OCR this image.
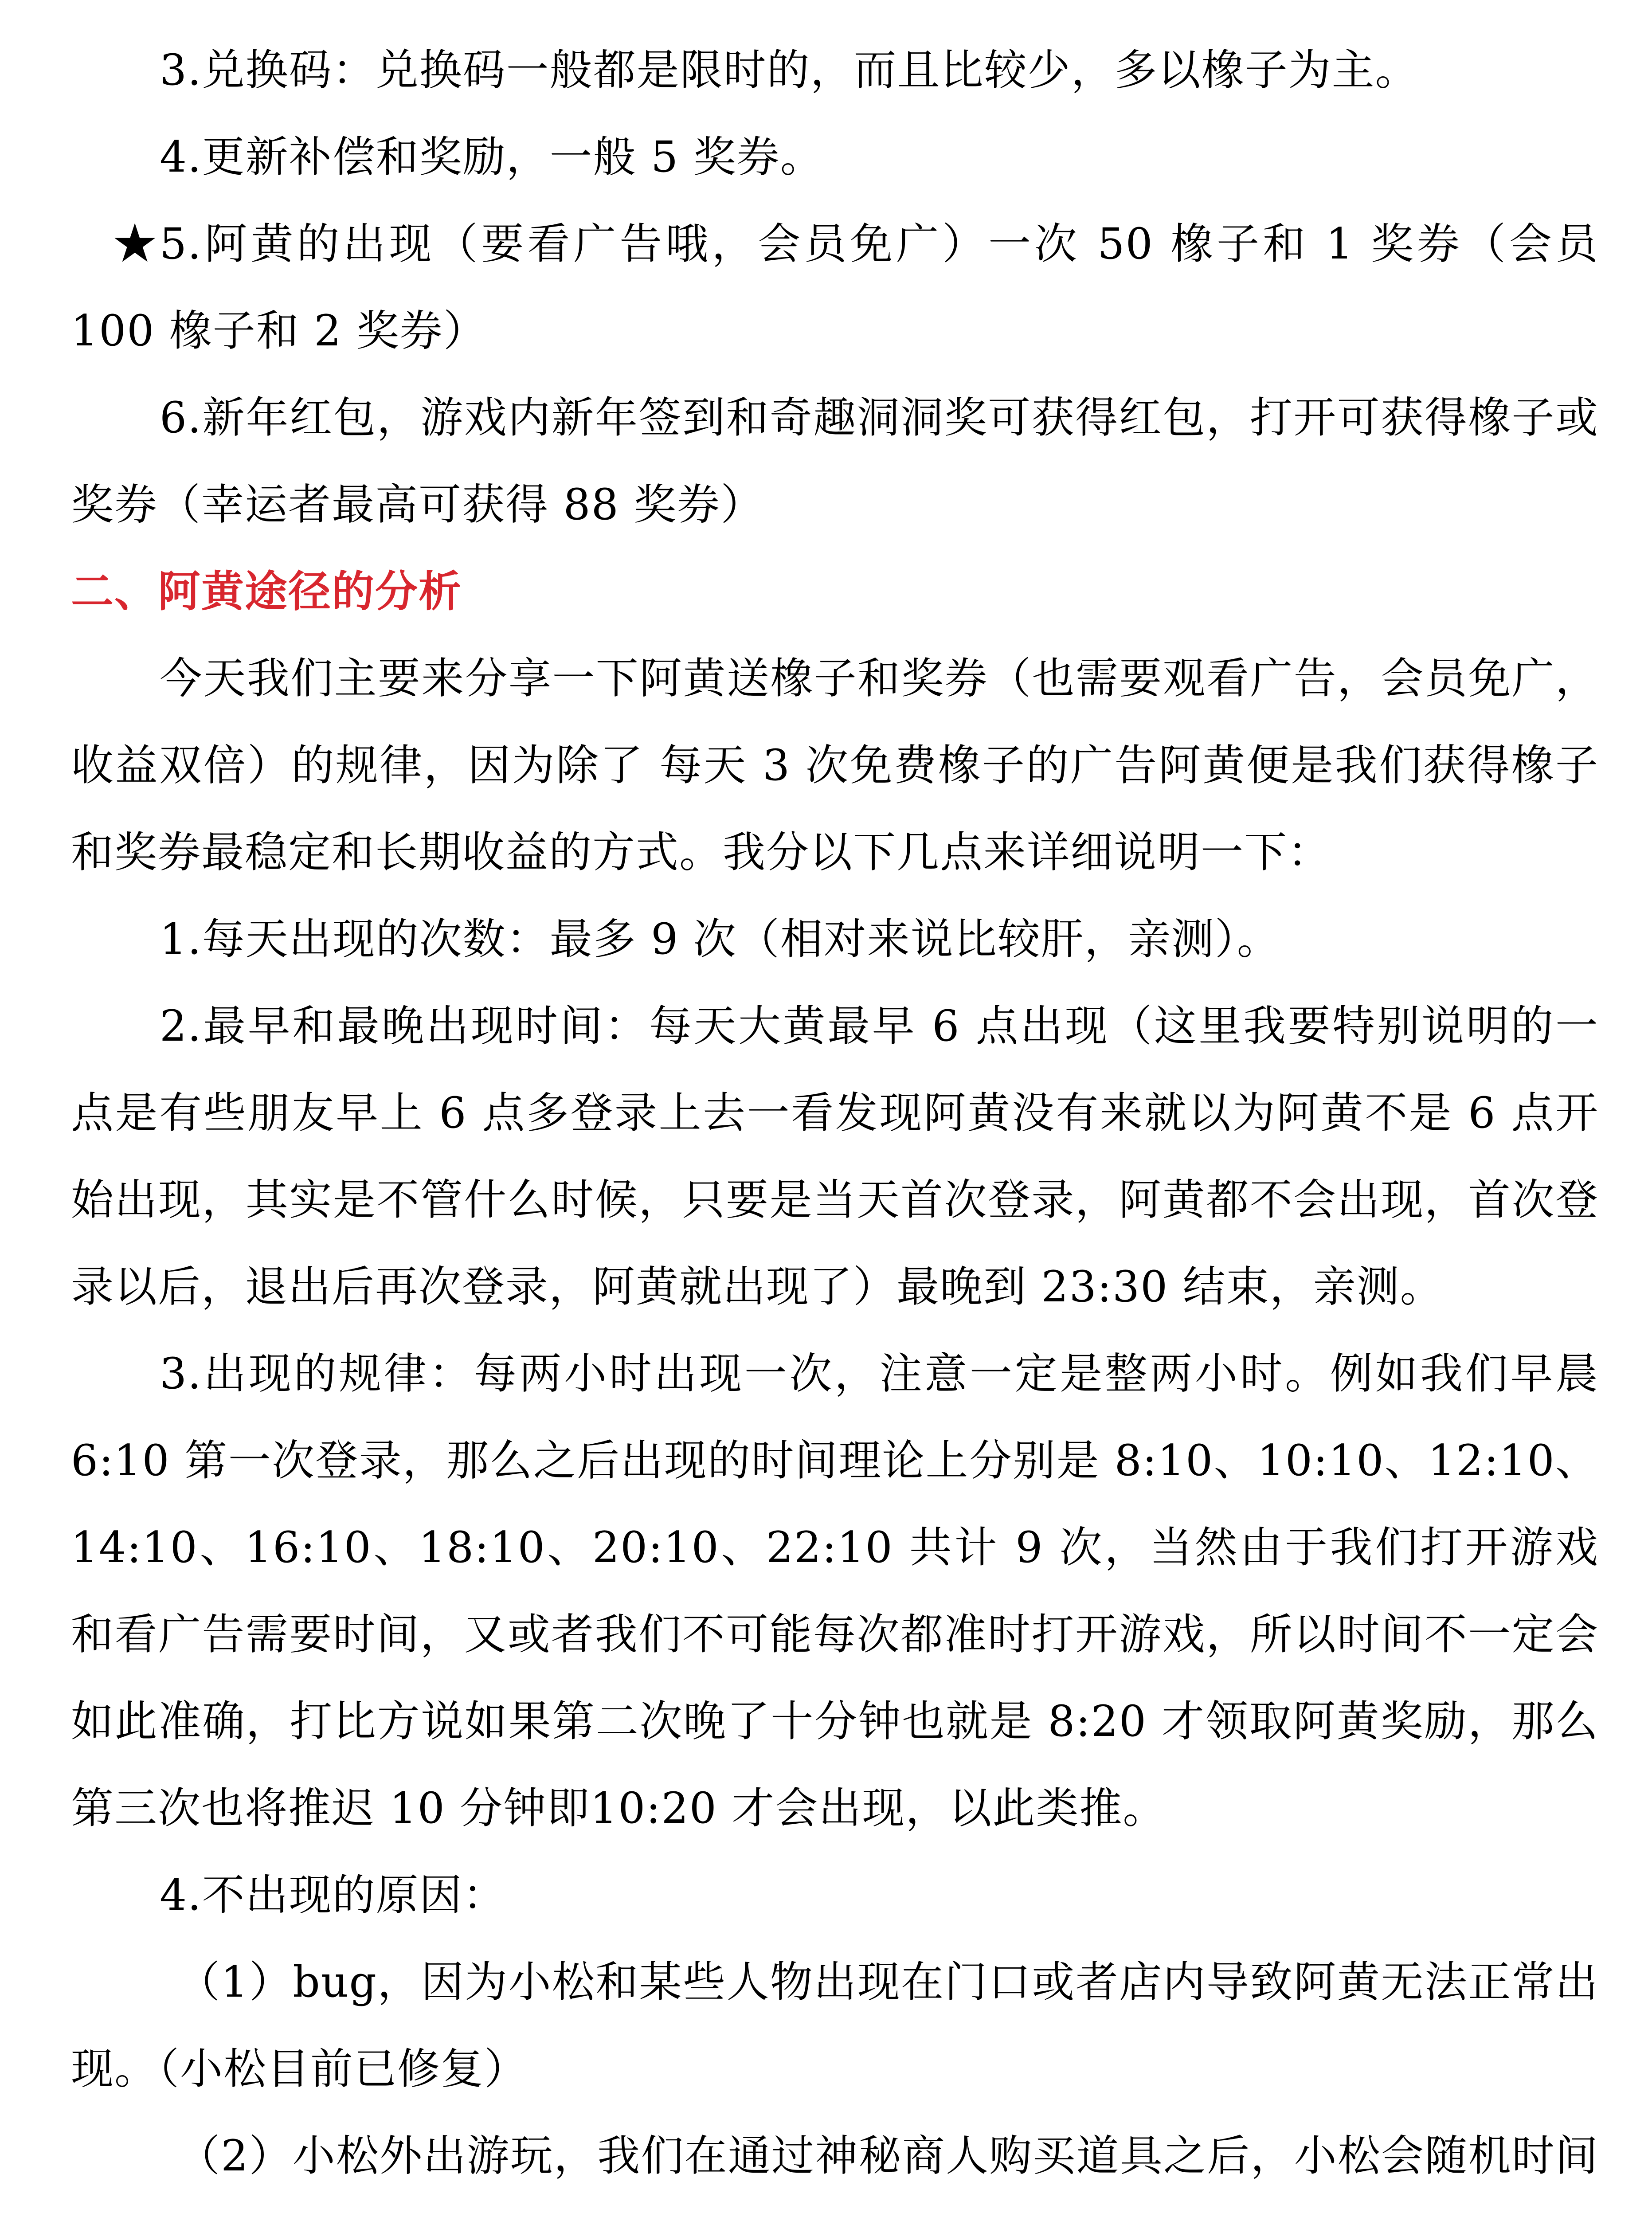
3.兑换码：兑换码一般都是限时的，而且比较少，多以橡子为主。

4.更新补偿和奖励，一般 5 奖券。

★5.阿黄的出现（要看广告哦，会员免广）一次 50 橡子和 1 奖券（会员 100 橡子和 2 奖券）

6.新年红包，游戏内新年签到和奇趣洞洞奖可获得红包，打开可获得橡子或奖券（幸运者最高可获得 88 奖券）

二、阿黄途径的分析

今天我们主要来分享一下阿黄送橡子和奖券（也需要观看广告，会员免广，收益双倍）的规律，因为除了 每天 3 次免费橡子的广告阿黄便是我们获得橡子和奖券最稳定和长期收益的方式。我分以下几点来详细说明一下：

1.每天出现的次数：最多 9 次（相对来说比较肝，亲测）。

2.最早和最晚出现时间：每天大黄最早 6 点出现（这里我要特别说明的一点是有些朋友早上 6 点多登录上去一看发现阿黄没有来就以为阿黄不是 6 点开始出现，其实是不管什么时候，只要是当天首次登录，阿黄都不会出现，首次登录以后，退出后再次登录，阿黄就出现了）最晚到 23:30 结束，亲测。

3.出现的规律：每两小时出现一次，注意一定是整两小时。例如我们早晨 6:10 第一次登录，那么之后出现的时间理论上分别是 8:10、10:10、12:10、14:10、16:10、18:10、20:10、22:10 共计 9 次，当然由于我们打开游戏和看广告需要时间，又或者我们不可能每次都准时打开游戏，所以时间不一定会如此准确，打比方说如果第二次晚了十分钟也就是 8:20 才领取阿黄奖励，那么第三次也将推迟 10 分钟即10:20 才会出现，以此类推。

4.不出现的原因：

（1）bug，因为小松和某些人物出现在门口或者店内导致阿黄无法正常出现。（小松目前已修复）

（2）小松外出游玩，我们在通过神秘商人购买道具之后，小松会随机时间
